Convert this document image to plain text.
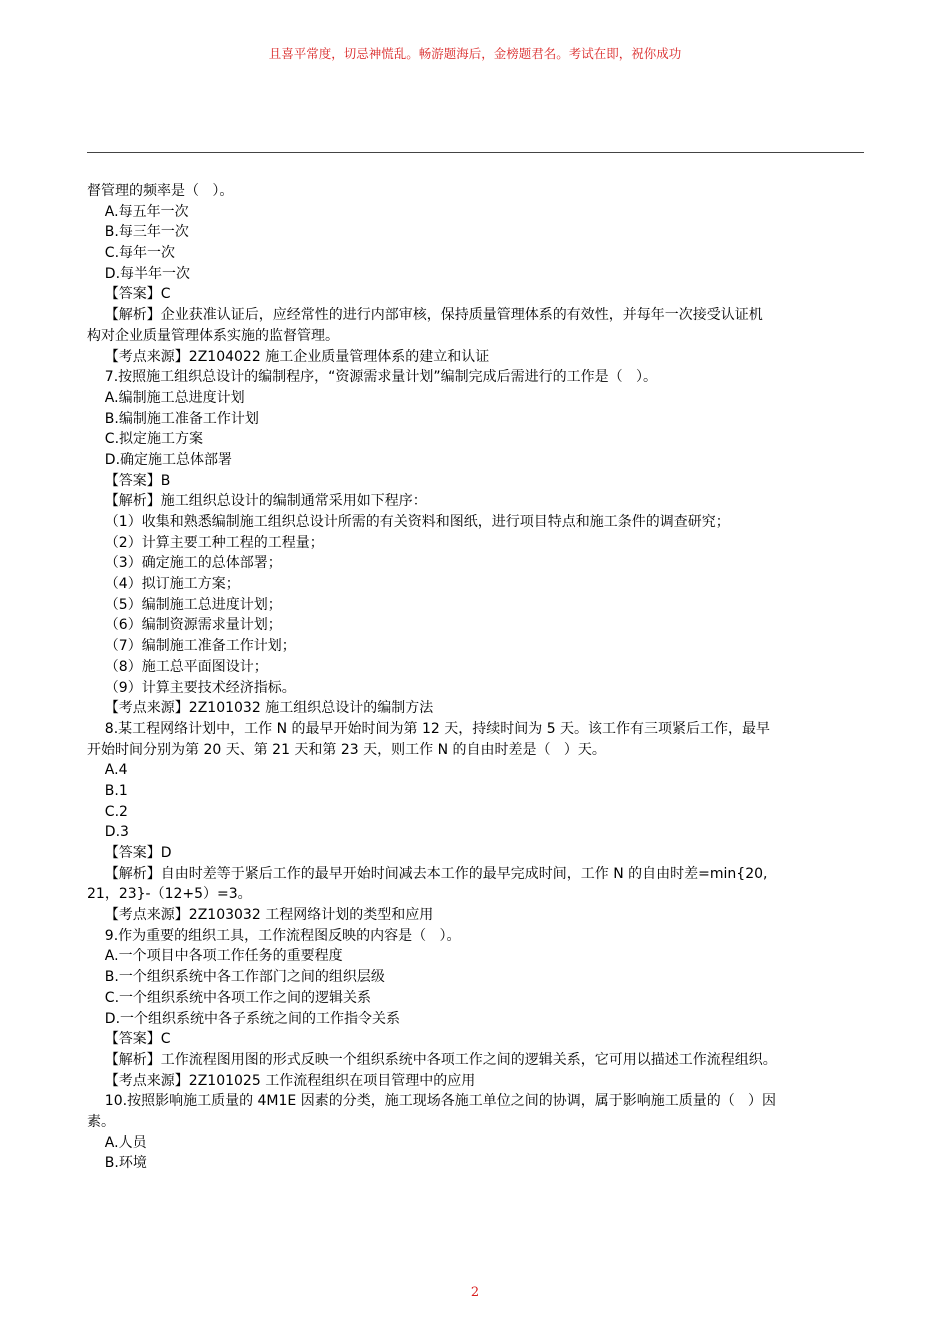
且喜平常度，切忌神慌乱。畅游题海后，金榜题君名。考试在即，祝你成功
督管理的频率是（   ）。
A.每五年一次
B.每三年一次
C.每年一次
D.每半年一次
【答案】C
【解析】企业获准认证后，应经常性的进行内部审核，保持质量管理体系的有效性，并每年一次接受认证机
构对企业质量管理体系实施的监督管理。
【考点来源】2Z104022 施工企业质量管理体系的建立和认证
7.按照施工组织总设计的编制程序，“资源需求量计划”编制完成后需进行的工作是（   ）。
A.编制施工总进度计划
B.编制施工准备工作计划
C.拟定施工方案
D.确定施工总体部署
【答案】B
【解析】施工组织总设计的编制通常采用如下程序：
（1）收集和熟悉编制施工组织总设计所需的有关资料和图纸，进行项目特点和施工条件的调查研究；
（2）计算主要工种工程的工程量；
（3）确定施工的总体部署；
（4）拟订施工方案；
（5）编制施工总进度计划；
（6）编制资源需求量计划；
（7）编制施工准备工作计划；
（8）施工总平面图设计；
（9）计算主要技术经济指标。
【考点来源】2Z101032 施工组织总设计的编制方法
8.某工程网络计划中，工作 N 的最早开始时间为第 12 天，持续时间为 5 天。该工作有三项紧后工作，最早
开始时间分别为第 20 天、第 21 天和第 23 天，则工作 N 的自由时差是（   ）天。
A.4
B.1
C.2
D.3
【答案】D
【解析】自由时差等于紧后工作的最早开始时间减去本工作的最早完成时间，工作 N 的自由时差=min{20,
21，23}-（12+5）=3。
【考点来源】2Z103032 工程网络计划的类型和应用
9.作为重要的组织工具，工作流程图反映的内容是（   ）。
A.一个项目中各项工作任务的重要程度
B.一个组织系统中各工作部门之间的组织层级
C.一个组织系统中各项工作之间的逻辑关系
D.一个组织系统中各子系统之间的工作指令关系
【答案】C
【解析】工作流程图用图的形式反映一个组织系统中各项工作之间的逻辑关系，它可用以描述工作流程组织。
【考点来源】2Z101025 工作流程组织在项目管理中的应用
10.按照影响施工质量的 4M1E 因素的分类，施工现场各施工单位之间的协调，属于影响施工质量的（   ）因
素。
A.人员
B.环境
2
